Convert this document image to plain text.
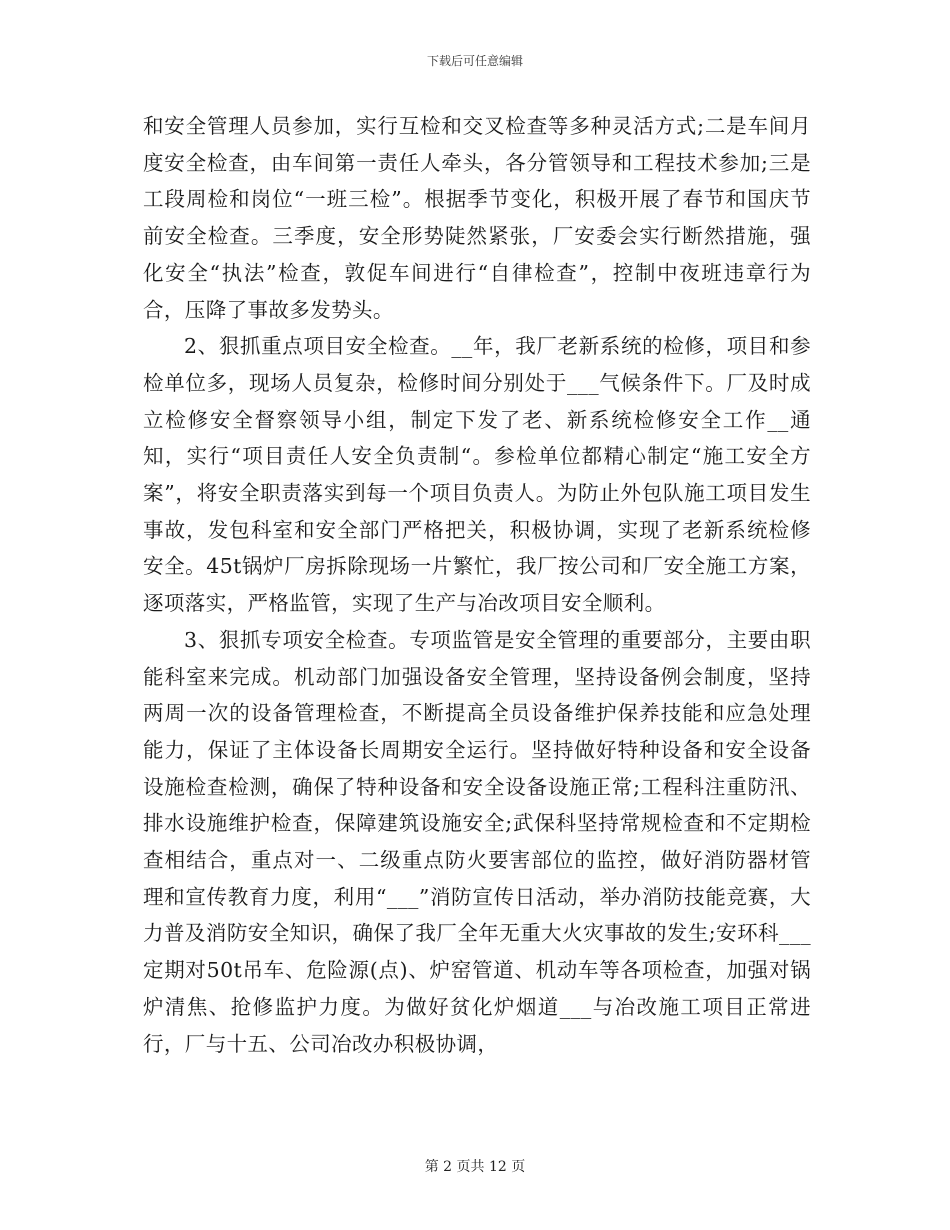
下载后可任意编辑

和安全管理人员参加，实行互检和交叉检查等多种灵活方式;二是车间月度安全检查，由车间第一责任人牵头，各分管领导和工程技术参加;三是工段周检和岗位“一班三检”。根据季节变化，积极开展了春节和国庆节前安全检查。三季度，安全形势陡然紧张，厂安委会实行断然措施，强化安全“执法”检查，敦促车间进行“自律检查”，控制中夜班违章行为合，压降了事故多发势头。

2、狠抓重点项目安全检查。__年，我厂老新系统的检修，项目和参检单位多，现场人员复杂，检修时间分别处于___气候条件下。厂及时成立检修安全督察领导小组，制定下发了老、新系统检修安全工作__通知，实行“项目责任人安全负责制“。参检单位都精心制定“施工安全方案”，将安全职责落实到每一个项目负责人。为防止外包队施工项目发生事故，发包科室和安全部门严格把关，积极协调，实现了老新系统检修安全。45t锅炉厂房拆除现场一片繁忙，我厂按公司和厂安全施工方案，逐项落实，严格监管，实现了生产与冶改项目安全顺利。

3、狠抓专项安全检查。专项监管是安全管理的重要部分，主要由职能科室来完成。机动部门加强设备安全管理，坚持设备例会制度，坚持两周一次的设备管理检查，不断提高全员设备维护保养技能和应急处理能力，保证了主体设备长周期安全运行。坚持做好特种设备和安全设备设施检查检测，确保了特种设备和安全设备设施正常;工程科注重防汛、排水设施维护检查，保障建筑设施安全;武保科坚持常规检查和不定期检查相结合，重点对一、二级重点防火要害部位的监控，做好消防器材管理和宣传教育力度，利用“___”消防宣传日活动，举办消防技能竞赛，大力普及消防安全知识，确保了我厂全年无重大火灾事故的发生;安环科___定期对50t吊车、危险源(点)、炉窑管道、机动车等各项检查，加强对锅炉清焦、抢修监护力度。为做好贫化炉烟道___与冶改施工项目正常进行，厂与十五、公司冶改办积极协调，

第 2 页共 12 页
